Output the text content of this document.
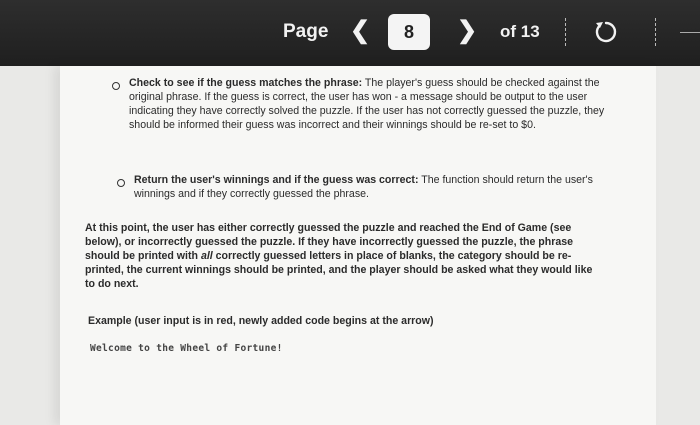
Page ❮
8	❯ of 13
Check to see if the guess matches the phrase: The player's guess should be checked against the original phrase. If the guess is correct, the user has won - a message should be output to the user indicating they have correctly solved the puzzle. If the user has not correctly guessed the puzzle, they should be informed their guess was incorrect and their winnings should be re-set to $0.
Return the user's winnings and if the guess was correct: The function should return the user's winnings and if they correctly guessed the phrase.
At this point, the user has either correctly guessed the puzzle and reached the End of Game (see below), or incorrectly guessed the puzzle. If they have incorrectly guessed the puzzle, the phrase should be printed with all correctly guessed letters in place of blanks, the category should be re-printed, the current winnings should be printed, and the player should be asked what they would like to do next.
Example (user input is in red, newly added code begins at the arrow)
Welcome to the Wheel of Fortune!
